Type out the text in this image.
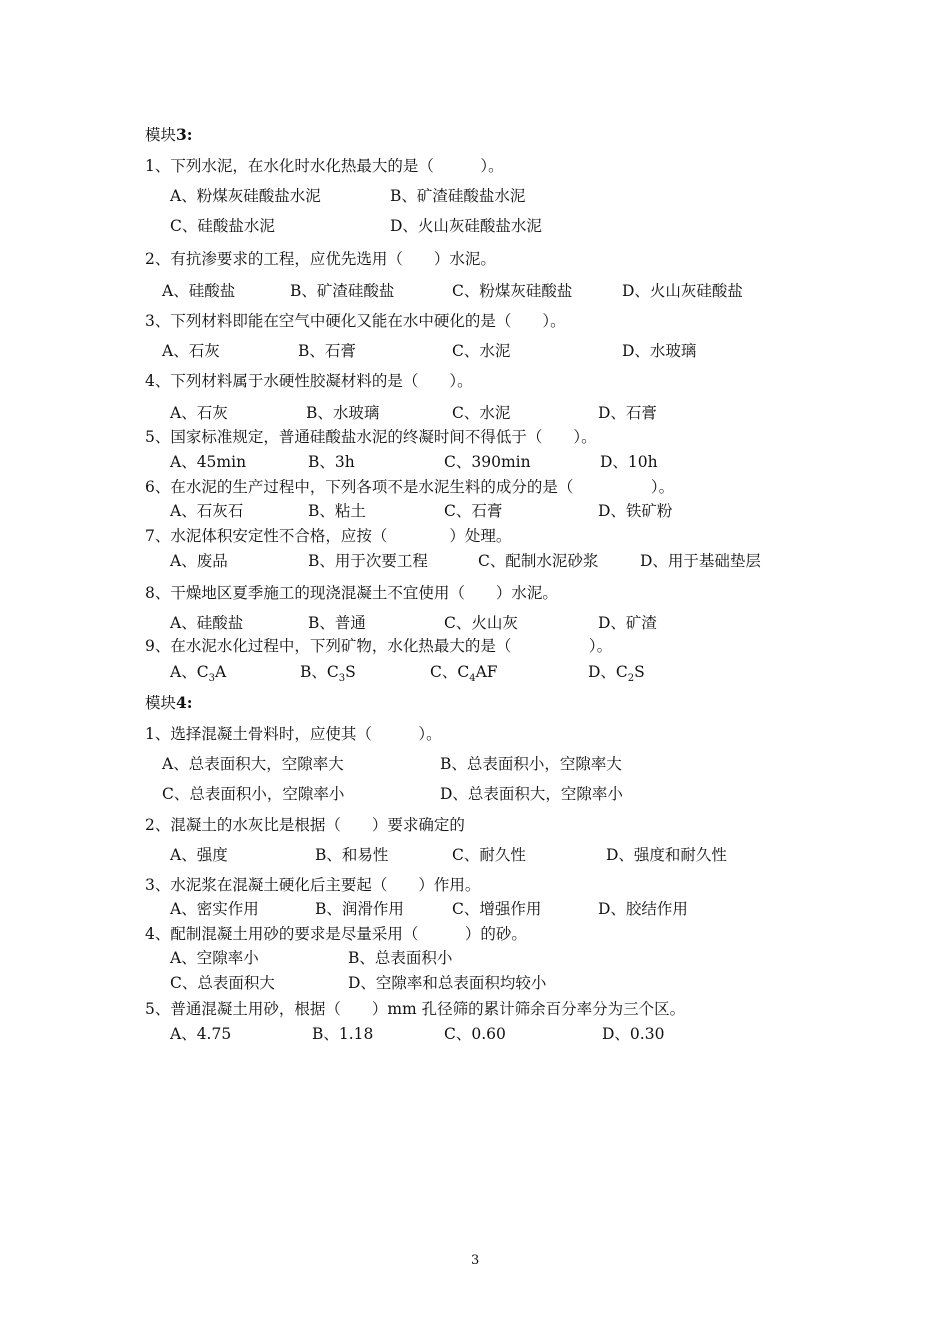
模块3:
1、下列水泥，在水化时水化热最大的是（　　　）。
A、粉煤灰硅酸盐水泥	B、矿渣硅酸盐水泥
C、硅酸盐水泥	D、火山灰硅酸盐水泥
2、有抗渗要求的工程，应优先选用（　　）水泥。
A、硅酸盐	B、矿渣硅酸盐	C、粉煤灰硅酸盐	D、火山灰硅酸盐
3、下列材料即能在空气中硬化又能在水中硬化的是（　　）。
A、石灰	B、石膏	C、水泥	D、水玻璃
4、下列材料属于水硬性胶凝材料的是（　　）。
A、石灰	B、水玻璃	C、水泥	D、石膏
5、国家标准规定，普通硅酸盐水泥的终凝时间不得低于（　　）。
A、45min	B、3h	C、390min	D、10h
6、在水泥的生产过程中，下列各项不是水泥生料的成分的是（　　　　　）。
A、石灰石	B、粘土	C、石膏	D、铁矿粉
7、水泥体积安定性不合格，应按（　　　　）处理。
A、废品	B、用于次要工程	C、配制水泥砂浆	D、用于基础垫层
8、干燥地区夏季施工的现浇混凝土不宜使用（　　）水泥。
A、硅酸盐	B、普通	C、火山灰	D、矿渣
9、在水泥水化过程中，下列矿物，水化热最大的是（　　　　　）。
A、$C_3A$	B、$C_3S$	C、$C_4AF$	D、$C_2S$
模块4:
1、选择混凝土骨料时，应使其（　　　）。
A、总表面积大，空隙率大	B、总表面积小，空隙率大
C、总表面积小，空隙率小	D、总表面积大，空隙率小
2、混凝土的水灰比是根据（　　）要求确定的
A、强度	B、和易性	C、耐久性	D、强度和耐久性
3、水泥浆在混凝土硬化后主要起（　　）作用。
A、密实作用	B、润滑作用	C、增强作用	D、胶结作用
4、配制混凝土用砂的要求是尽量采用（　　　）的砂。
A、空隙率小	B、总表面积小
C、总表面积大	D、空隙率和总表面积均较小
5、普通混凝土用砂，根据（　　）mm 孔径筛的累计筛余百分率分为三个区。
A、4.75	B、1.18	C、0.60	D、0.30
3
